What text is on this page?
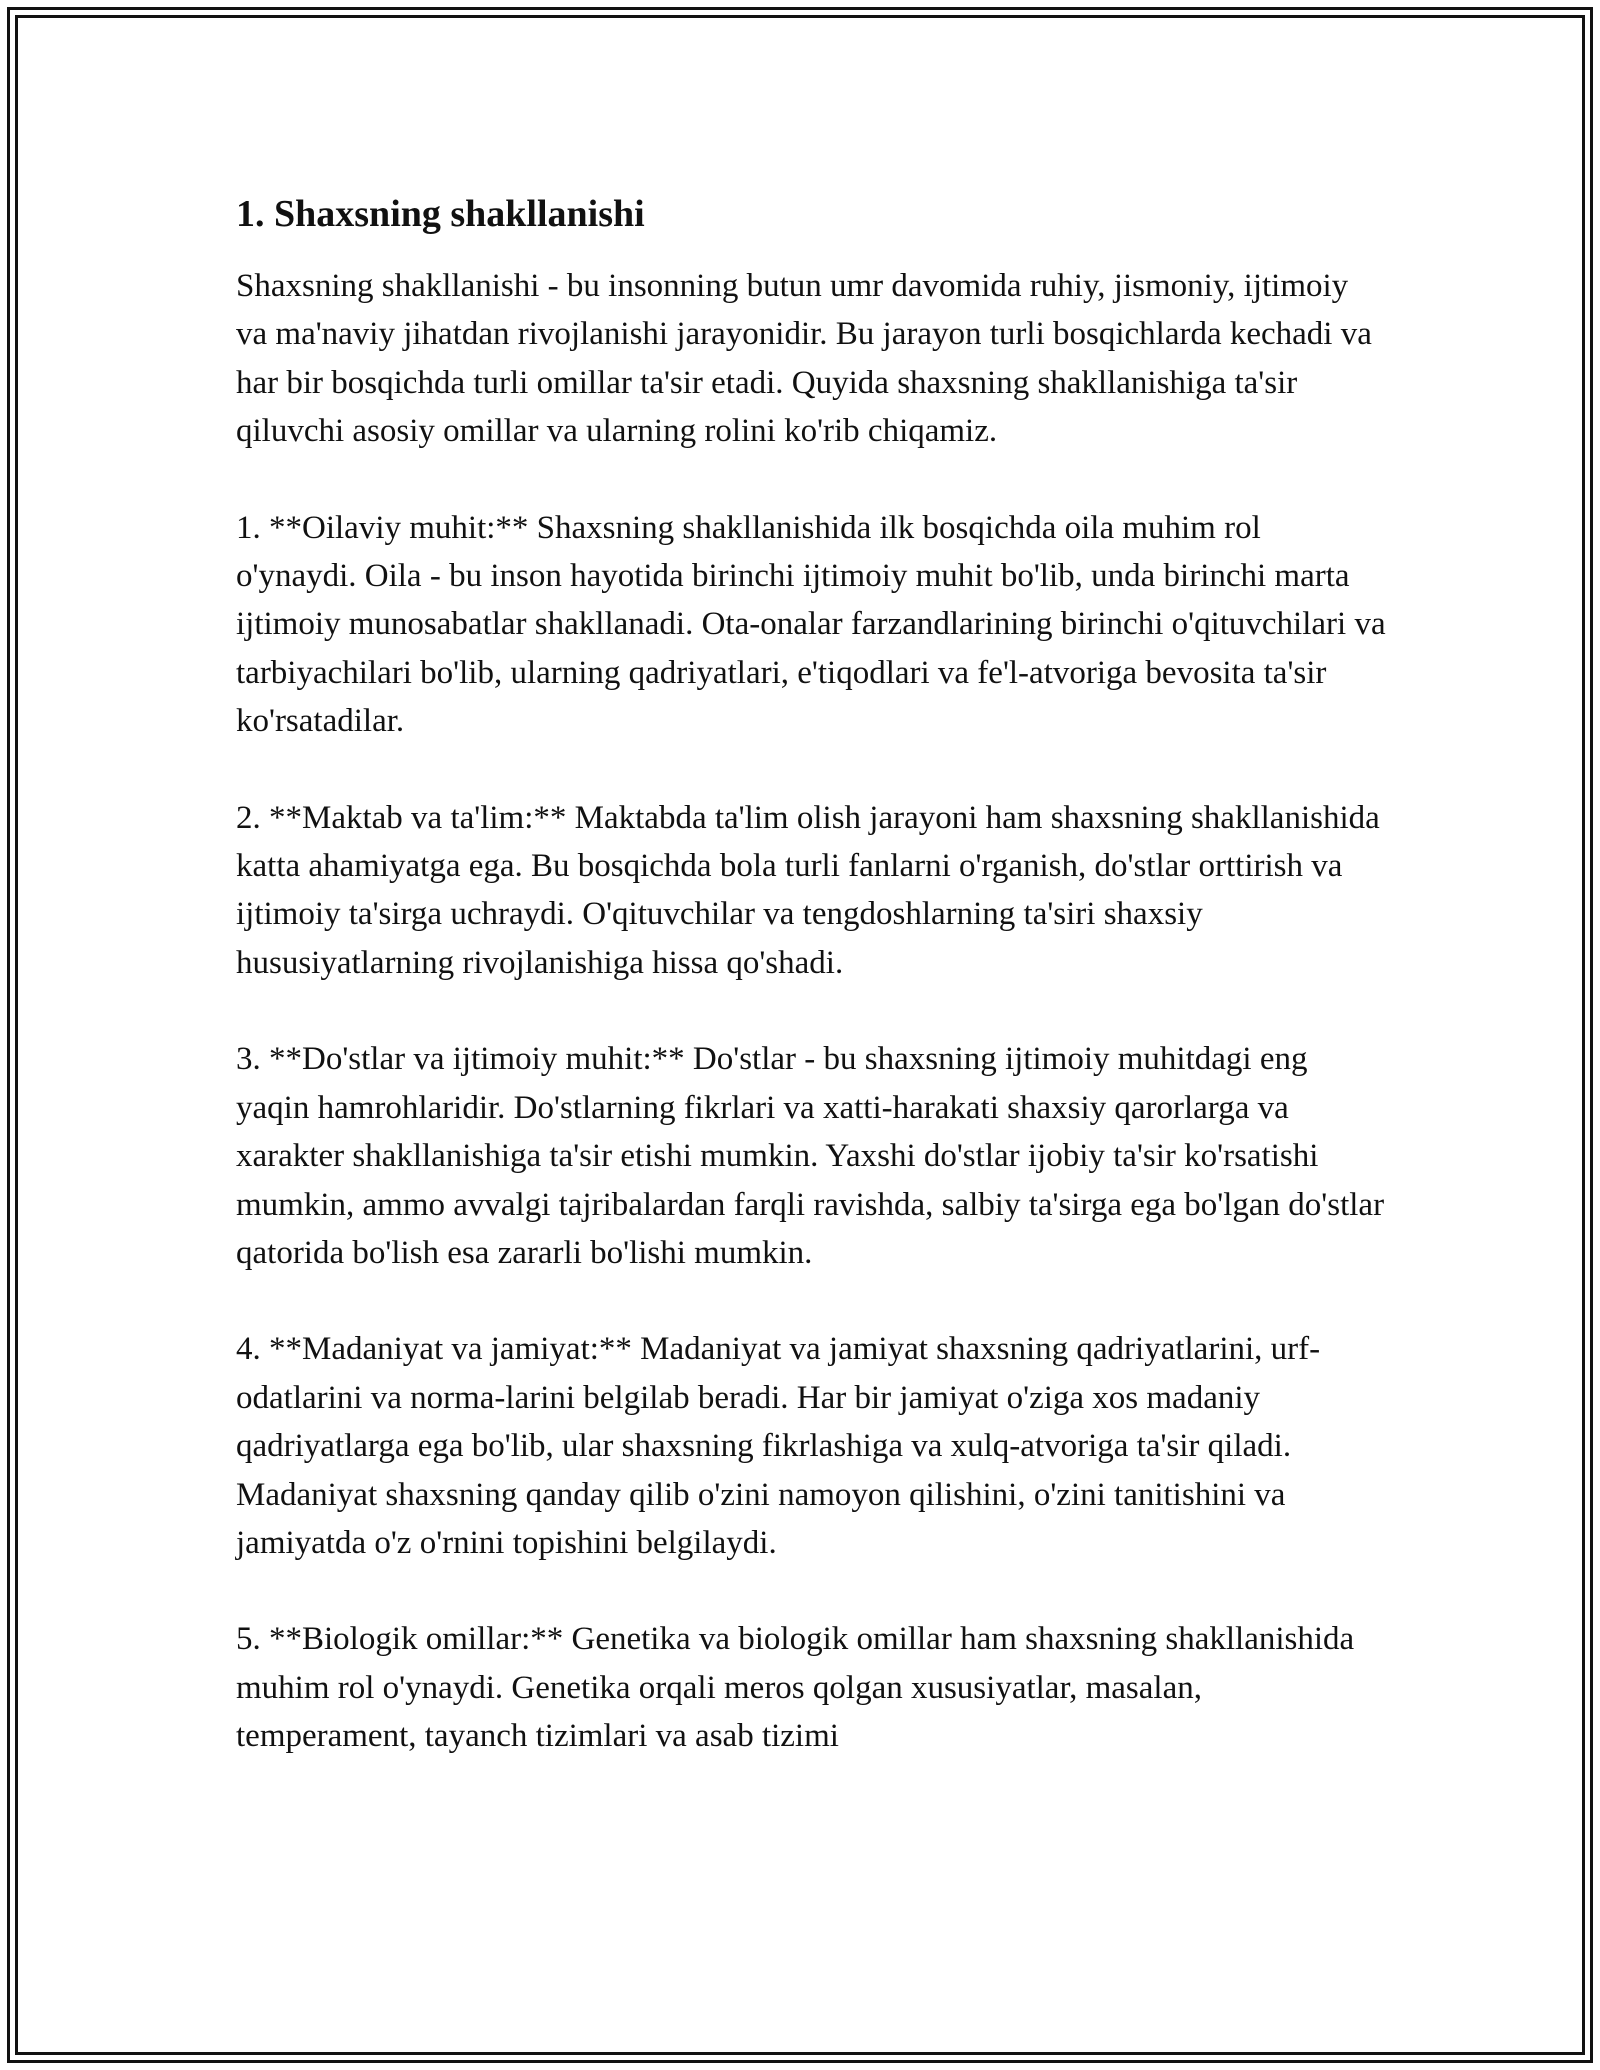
1. Shaxsning shakllanishi

Shaxsning shakllanishi - bu insonning butun umr davomida ruhiy, jismoniy, ijtimoiy va ma'naviy jihatdan rivojlanishi jarayonidir. Bu jarayon turli bosqichlarda kechadi va har bir bosqichda turli omillar ta'sir etadi. Quyida shaxsning shakllanishiga ta'sir qiluvchi asosiy omillar va ularning rolini ko'rib chiqamiz.

1. **Oilaviy muhit:** Shaxsning shakllanishida ilk bosqichda oila muhim rol o'ynaydi. Oila - bu inson hayotida birinchi ijtimoiy muhit bo'lib, unda birinchi marta ijtimoiy munosabatlar shakllanadi. Ota-onalar farzandlarining birinchi o'qituvchilari va tarbiyachilari bo'lib, ularning qadriyatlari, e'tiqodlari va fe'l-atvoriga bevosita ta'sir ko'rsatadilar.

2. **Maktab va ta'lim:** Maktabda ta'lim olish jarayoni ham shaxsning shakllanishida katta ahamiyatga ega. Bu bosqichda bola turli fanlarni o'rganish, do'stlar orttirish va ijtimoiy ta'sirga uchraydi. O'qituvchilar va tengdoshlarning ta'siri shaxsiy hususiyatlarning rivojlanishiga hissa qo'shadi.

3. **Do'stlar va ijtimoiy muhit:** Do'stlar - bu shaxsning ijtimoiy muhitdagi eng yaqin hamrohlaridir. Do'stlarning fikrlari va xatti-harakati shaxsiy qarorlarga va xarakter shakllanishiga ta'sir etishi mumkin. Yaxshi do'stlar ijobiy ta'sir ko'rsatishi mumkin, ammo avvalgi tajribalardan farqli ravishda, salbiy ta'sirga ega bo'lgan do'stlar qatorida bo'lish esa zararli bo'lishi mumkin.

4. **Madaniyat va jamiyat:** Madaniyat va jamiyat shaxsning qadriyatlarini, urf-odatlarini va norma-larini belgilab beradi. Har bir jamiyat o'ziga xos madaniy qadriyatlarga ega bo'lib, ular shaxsning fikrlashiga va xulq-atvoriga ta'sir qiladi. Madaniyat shaxsning qanday qilib o'zini namoyon qilishini, o'zini tanitishini va jamiyatda o'z o'rnini topishini belgilaydi.

5. **Biologik omillar:** Genetika va biologik omillar ham shaxsning shakllanishida muhim rol o'ynaydi. Genetika orqali meros qolgan xususiyatlar, masalan, temperament, tayanch tizimlari va asab tizimi
